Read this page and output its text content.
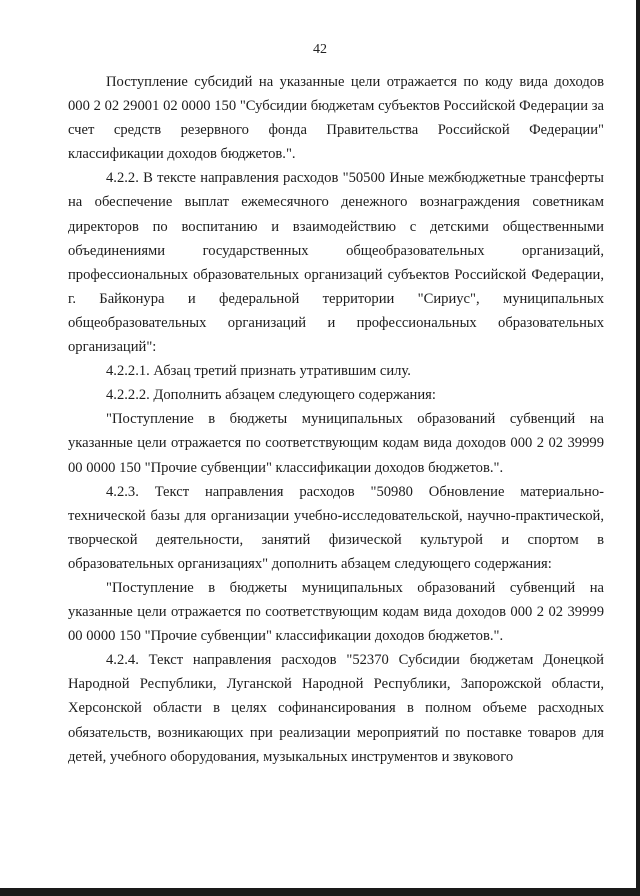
42

Поступление субсидий на указанные цели отражается по коду вида доходов 000 2 02 29001 02 0000 150 "Субсидии бюджетам субъектов Российской Федерации за счет средств резервного фонда Правительства Российской Федерации" классификации доходов бюджетов.".

4.2.2. В тексте направления расходов "50500 Иные межбюджетные трансферты на обеспечение выплат ежемесячного денежного вознаграждения советникам директоров по воспитанию и взаимодействию с детскими общественными объединениями государственных общеобразовательных организаций, профессиональных образовательных организаций субъектов Российской Федерации, г. Байконура и федеральной территории "Сириус", муниципальных общеобразовательных организаций и профессиональных образовательных организаций":

4.2.2.1. Абзац третий признать утратившим силу.

4.2.2.2. Дополнить абзацем следующего содержания:

"Поступление в бюджеты муниципальных образований субвенций на указанные цели отражается по соответствующим кодам вида доходов 000 2 02 39999 00 0000 150 "Прочие субвенции" классификации доходов бюджетов.".

4.2.3. Текст направления расходов "50980 Обновление материально-технической базы для организации учебно-исследовательской, научно-практической, творческой деятельности, занятий физической культурой и спортом в образовательных организациях" дополнить абзацем следующего содержания:

"Поступление в бюджеты муниципальных образований субвенций на указанные цели отражается по соответствующим кодам вида доходов 000 2 02 39999 00 0000 150 "Прочие субвенции" классификации доходов бюджетов.".

4.2.4. Текст направления расходов "52370 Субсидии бюджетам Донецкой Народной Республики, Луганской Народной Республики, Запорожской области, Херсонской области в целях софинансирования в полном объеме расходных обязательств, возникающих при реализации мероприятий по поставке товаров для детей, учебного оборудования, музыкальных инструментов и звукового
